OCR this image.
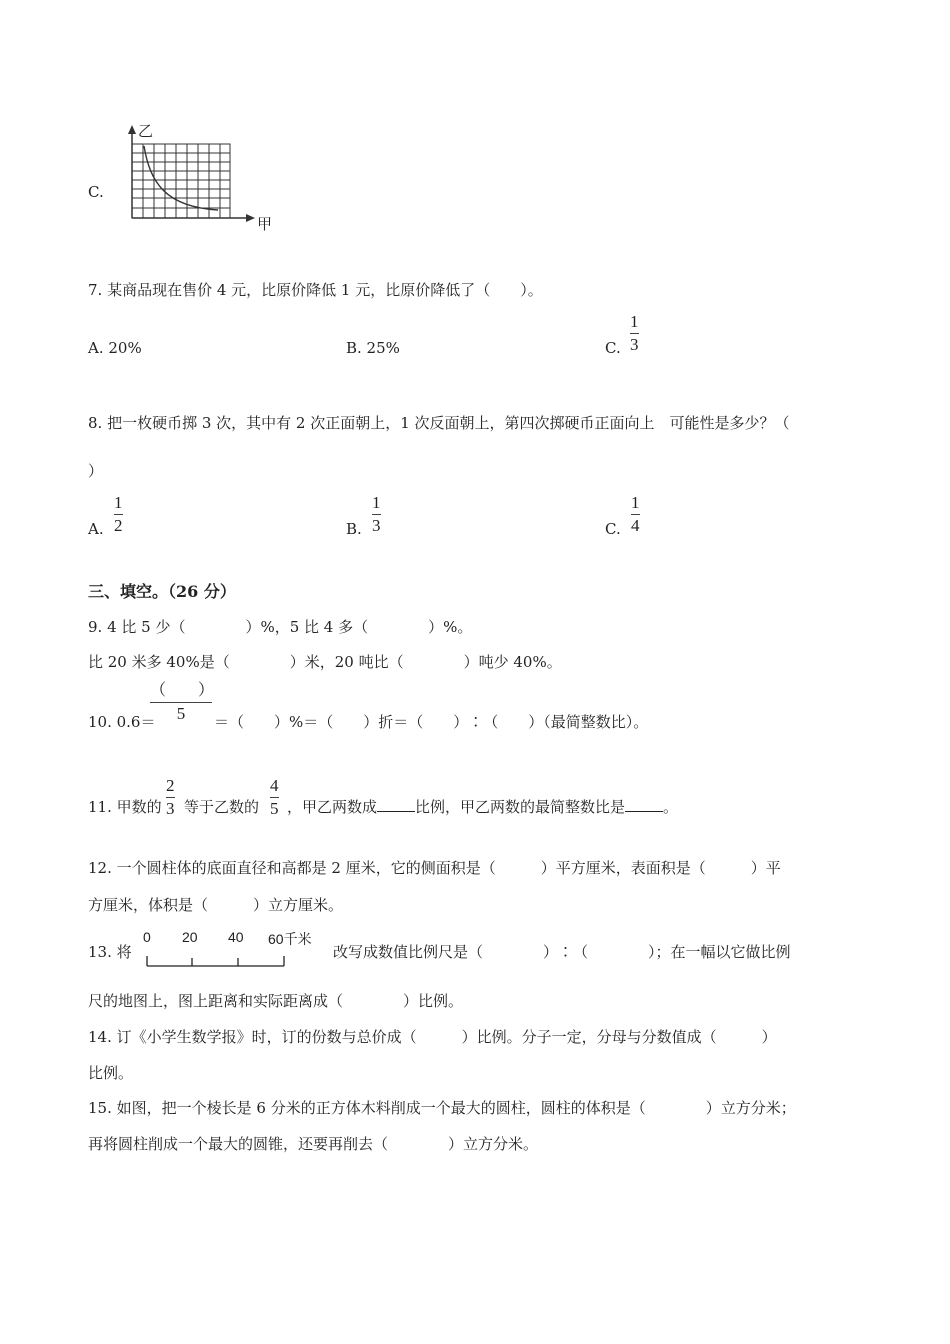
C.
乙
甲
7. 某商品现在售价 4 元，比原价降低 1 元，比原价降低了（　　）。
A. 20%	B. 25%	C.
1
3
8. 把一枚硬币掷 3 次，其中有 2 次正面朝上，1 次反面朝上，第四次掷硬币正面向上　可能性是多少？（
）
A.
1
2	B.
1
3	C.
1
4
三、填空。（26 分）
9. 4 比 5 少（　　　　）%，5 比 4 多（　　　　）%。
比 20 米多 40%是（　　　　）米，20 吨比（　　　　）吨少 40%。
10. 0.6＝
（　　）
5	＝（　　）%＝（　　）折＝（　　）∶（　　）（最简整数比）。
11. 甲数的
2
3 等于乙数的
4
5 ，甲乙两数成	比例，甲乙两数的最简整数比是	。
12. 一个圆柱体的底面直径和高都是 2 厘米，它的侧面积是（　　　）平方厘米，表面积是（　　　）平
方厘米，体积是（　　　）立方厘米。
13. 将
0 20 40 60千米
改写成数值比例尺是（　　　　）∶（　　　　）；在一幅以它做比例
尺的地图上，图上距离和实际距离成（　　　　）比例。
14. 订《小学生数学报》时，订的份数与总价成（　　　）比例。分子一定，分母与分数值成（　　　）
比例。
15. 如图，把一个棱长是 6 分米的正方体木料削成一个最大的圆柱，圆柱的体积是（　　　　）立方分米；
再将圆柱削成一个最大的圆锥，还要再削去（　　　　）立方分米。
